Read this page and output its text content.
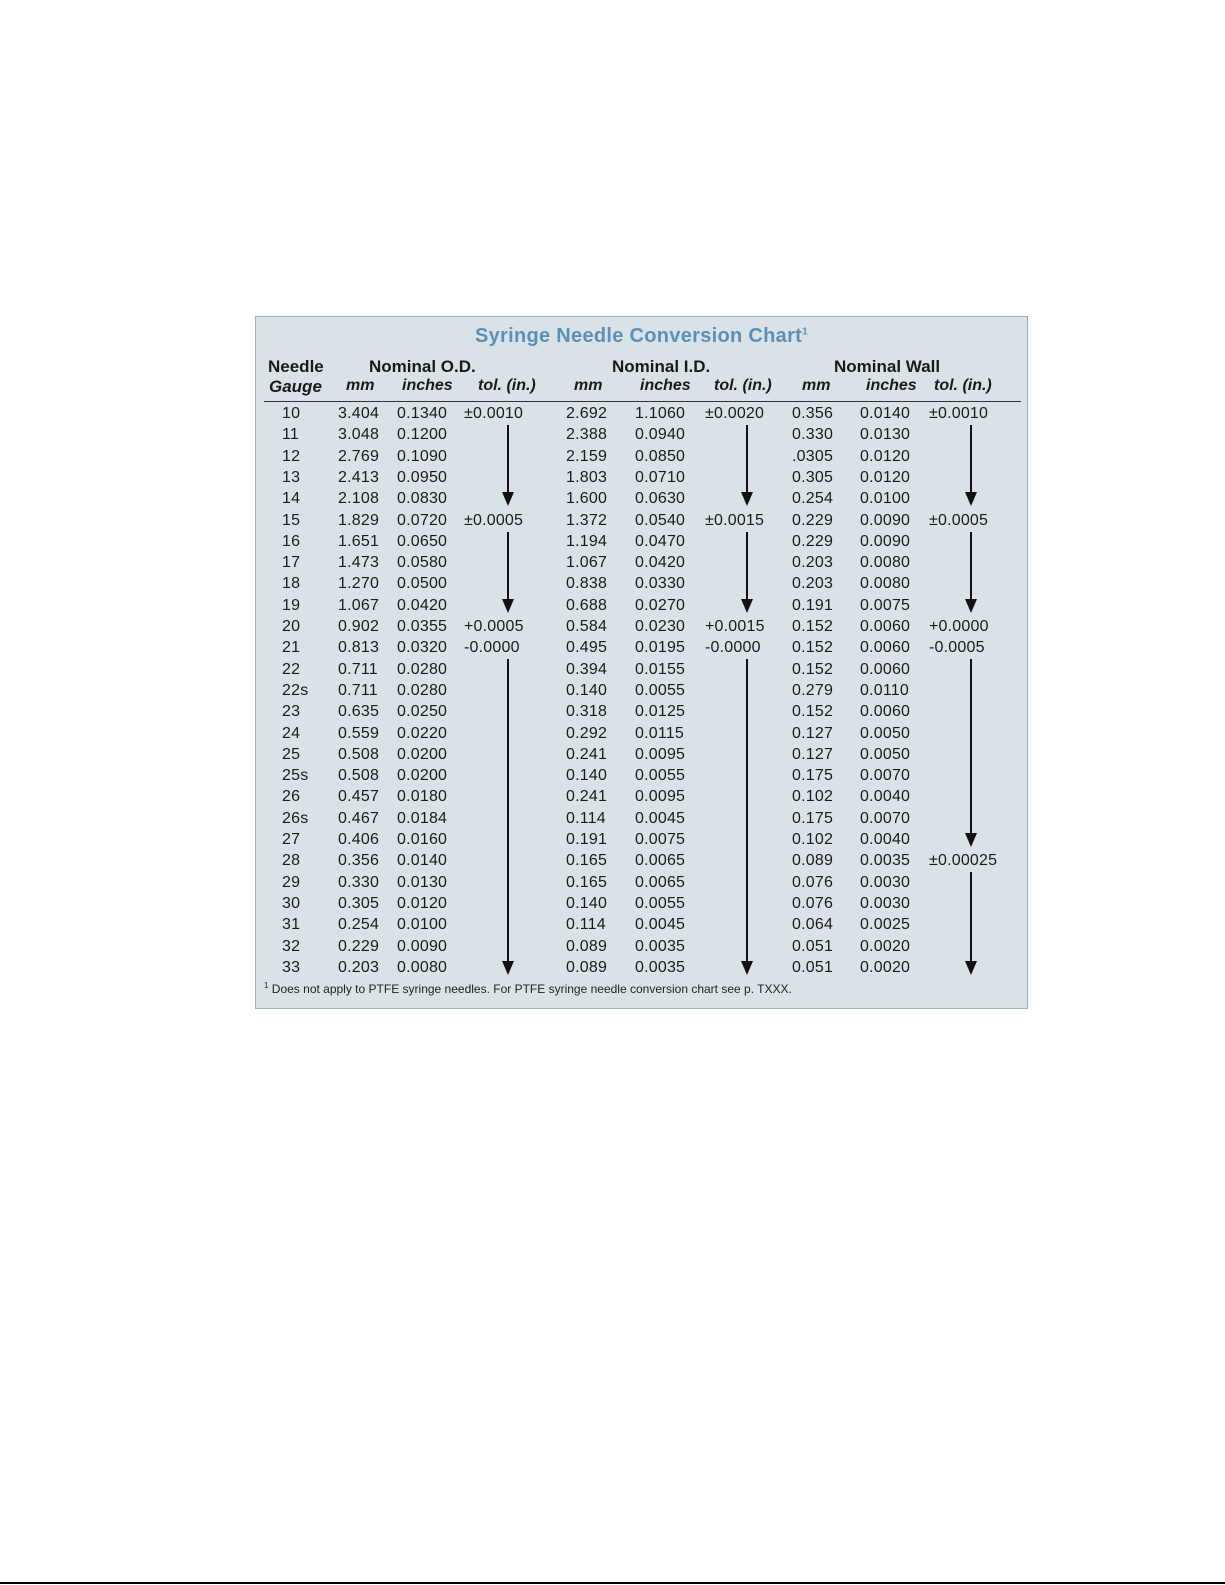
Syringe Needle Conversion Chart$^1$
Needle
Gauge
Nominal O.D.	Nominal I.D.	Nominal Wall
mm inches tol. (in.) mm inches tol. (in.) mm inches tol. (in.)
10 3.404 0.1340 ±0.0010	2.692 1.1060 ±0.0020 0.356 0.0140 ±0.0010
11 3.048 0.1200	2.388 0.0940	0.330 0.0130
12 2.769 0.1090	2.159 0.0850	.0305 0.0120
13 2.413 0.0950	1.803 0.0710	0.305 0.0120
14 2.108 0.0830	1.600 0.0630	0.254 0.0100
15 1.829 0.0720 ±0.0005	1.372 0.0540 ±0.0015 0.229 0.0090 ±0.0005
16 1.651 0.0650	1.194 0.0470	0.229 0.0090
17 1.473 0.0580	1.067 0.0420	0.203 0.0080
18 1.270 0.0500	0.838 0.0330	0.203 0.0080
19 1.067 0.0420	0.688 0.0270	0.191 0.0075
20 0.902 0.0355 +0.0005	0.584 0.0230 +0.0015 0.152 0.0060 +0.0000
21 0.813 0.0320 -0.0000	0.495 0.0195 -0.0000 0.152 0.0060 -0.0005
22 0.711 0.0280	0.394 0.0155	0.152 0.0060
22s 0.711 0.0280	0.140 0.0055	0.279 0.0110
23 0.635 0.0250	0.318 0.0125	0.152 0.0060
24 0.559 0.0220	0.292 0.0115	0.127 0.0050
25 0.508 0.0200	0.241 0.0095	0.127 0.0050
25s 0.508 0.0200	0.140 0.0055	0.175 0.0070
26 0.457 0.0180	0.241 0.0095	0.102 0.0040
26s 0.467 0.0184	0.114 0.0045	0.175 0.0070
27 0.406 0.0160	0.191 0.0075	0.102 0.0040
28 0.356 0.0140	0.165 0.0065	0.089 0.0035 ±0.00025
29 0.330 0.0130	0.165 0.0065	0.076 0.0030
30 0.305 0.0120	0.140 0.0055	0.076 0.0030
31 0.254 0.0100	0.114 0.0045	0.064 0.0025
32 0.229 0.0090	0.089 0.0035	0.051 0.0020
33 0.203 0.0080	0.089 0.0035	0.051 0.0020
$^1$ Does not apply to PTFE syringe needles. For PTFE syringe needle conversion chart see p. TXXX.
